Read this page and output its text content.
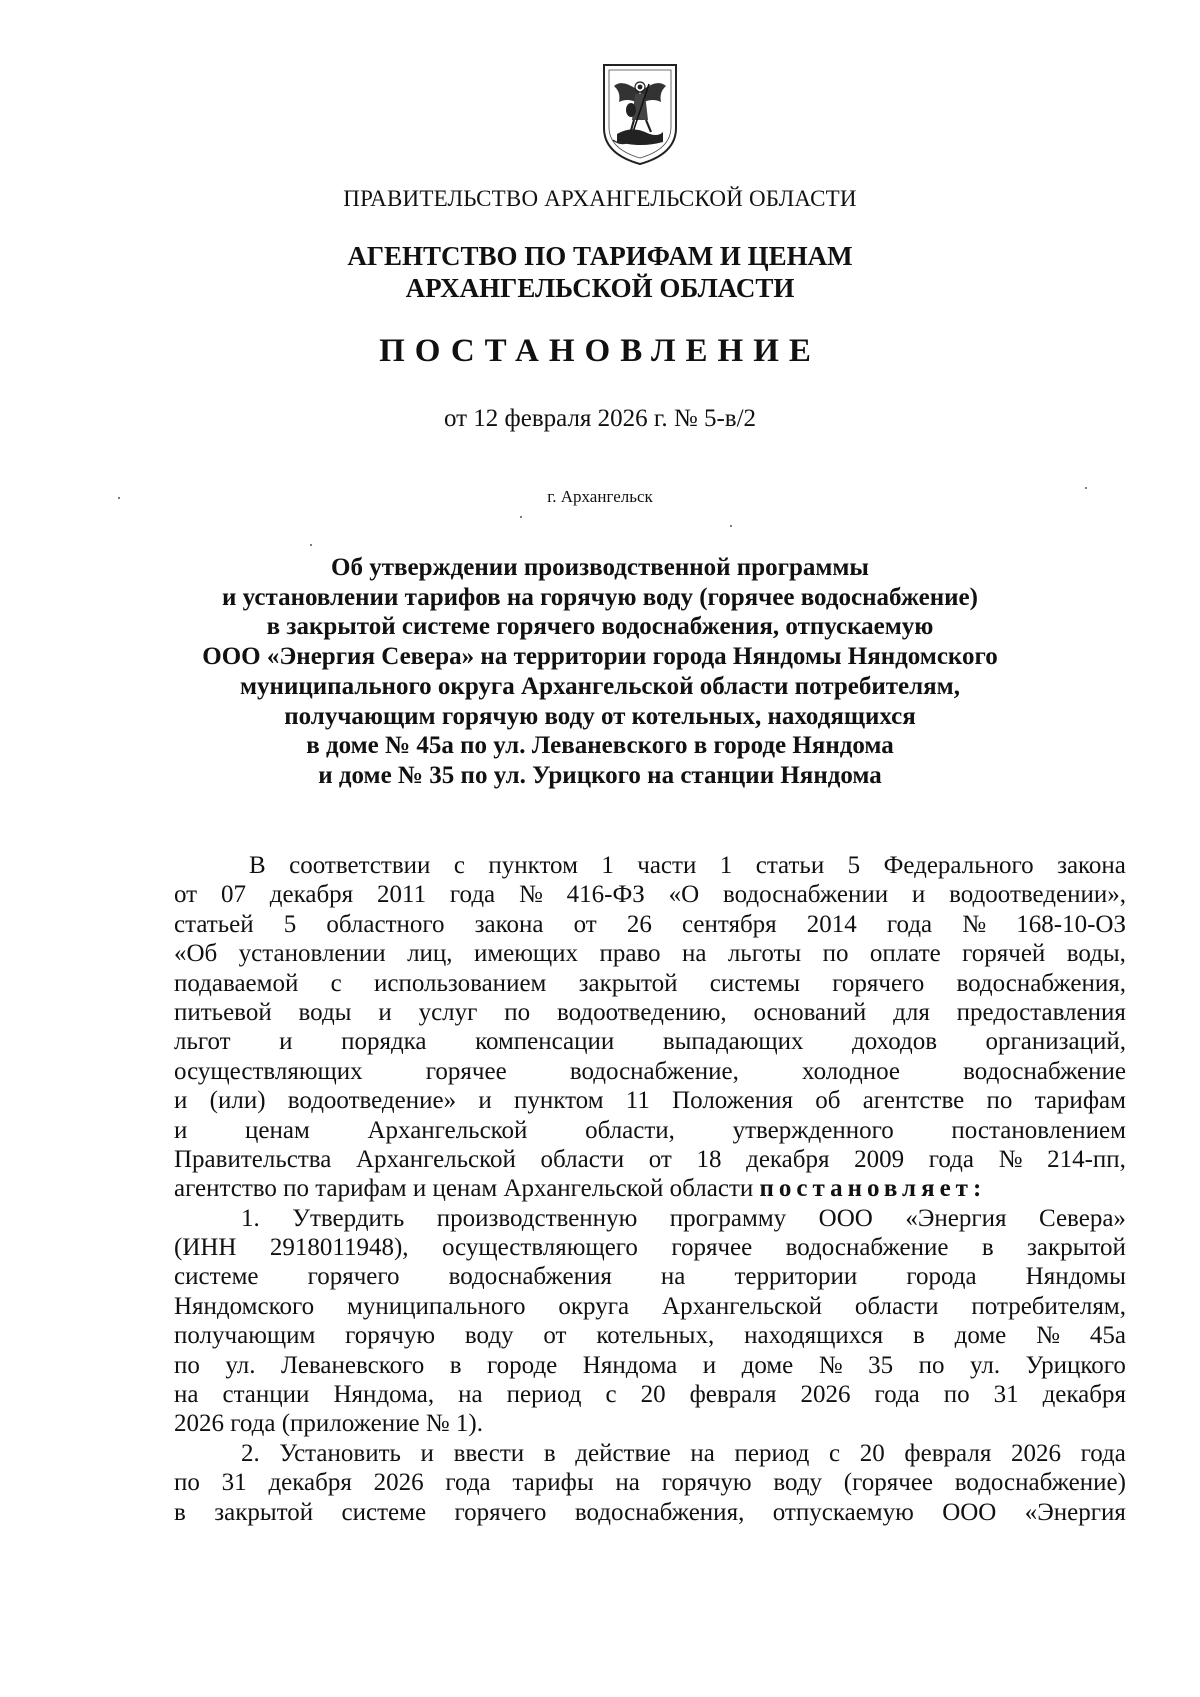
ПРАВИТЕЛЬСТВО АРХАНГЕЛЬСКОЙ ОБЛАСТИ
АГЕНТСТВО ПО ТАРИФАМ И ЦЕНАМ
АРХАНГЕЛЬСКОЙ ОБЛАСТИ
ПОСТАНОВЛЕНИЕ
от 12 февраля 2026 г. № 5-в/2
г. Архангельск
Об утверждении производственной программы
и установлении тарифов на горячую воду (горячее водоснабжение)
в закрытой системе горячего водоснабжения, отпускаемую
ООО «Энергия Севера» на территории города Няндомы Няндомского
муниципального округа Архангельской области потребителям,
получающим горячую воду от котельных, находящихся
в доме № 45а по ул. Леваневского в городе Няндома
и доме № 35 по ул. Урицкого на станции Няндома
В соответствии с пунктом 1 части 1 статьи 5 Федерального закона
от 07 декабря 2011 года № 416-ФЗ «О водоснабжении и водоотведении»,
статьей 5 областного закона от 26 сентября 2014 года № 168-10-ОЗ
«Об установлении лиц, имеющих право на льготы по оплате горячей воды,
подаваемой с использованием закрытой системы горячего водоснабжения,
питьевой воды и услуг по водоотведению, оснований для предоставления
льгот и порядка компенсации выпадающих доходов организаций,
осуществляющих	горячее	водоснабжение,	холодное	водоснабжение
и (или) водоотведение» и пунктом 11 Положения об агентстве по тарифам
и ценам Архангельской области, утвержденного постановлением
Правительства Архангельской области от 18 декабря 2009 года № 214-пп,
агентство по тарифам и ценам Архангельской области постановляет:
1. Утвердить производственную программу ООО «Энергия Севера»
(ИНН 2918011948), осуществляющего горячее водоснабжение в закрытой
системе горячего водоснабжения на территории города Няндомы
Няндомского муниципального округа Архангельской области потребителям,
получающим горячую воду от котельных, находящихся в доме № 45а
по ул. Леваневского в городе Няндома и доме № 35 по ул. Урицкого
на станции Няндома, на период с 20 февраля 2026 года по 31 декабря
2026 года (приложение № 1).
2. Установить и ввести в действие на период с 20 февраля 2026 года
по 31 декабря 2026 года тарифы на горячую воду (горячее водоснабжение)
в закрытой системе горячего водоснабжения, отпускаемую ООО «Энергия
